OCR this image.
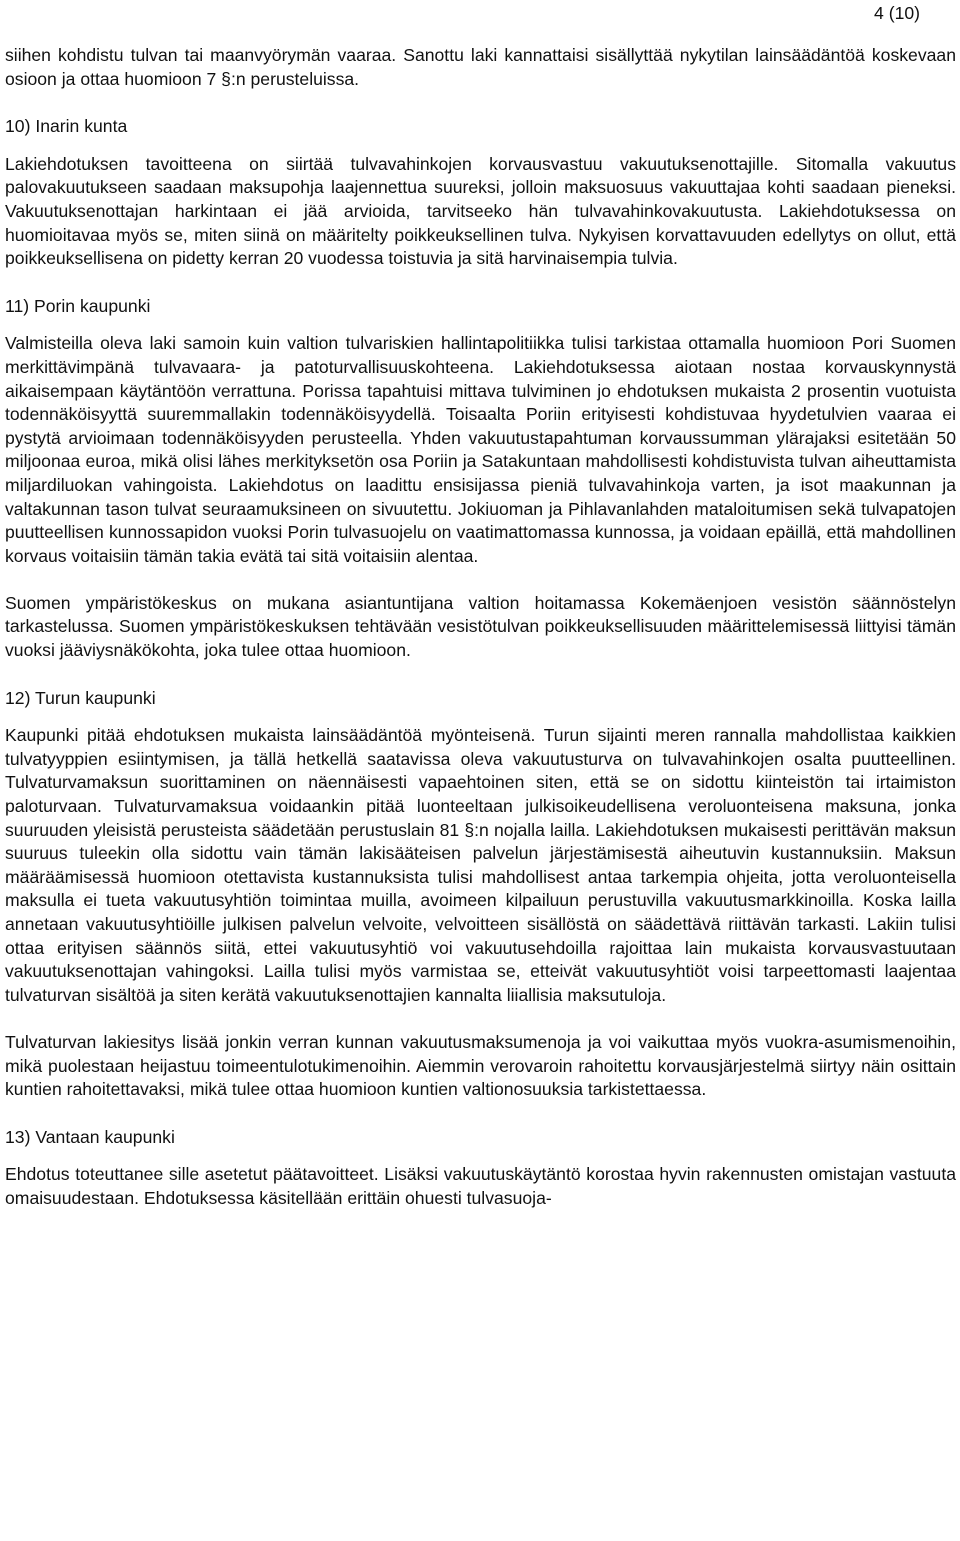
4 (10)

siihen kohdistu tulvan tai maanvyörymän vaaraa. Sanottu laki kannattaisi sisällyttää nykytilan lainsäädäntöä koskevaan osioon ja ottaa huomioon 7 §:n perusteluissa.

10) Inarin kunta

Lakiehdotuksen tavoitteena on siirtää tulvavahinkojen korvausvastuu vakuutuksenottajille. Sitomalla vakuutus palovakuutukseen saadaan maksupohja laajennettua suureksi, jolloin maksuosuus vakuuttajaa kohti saadaan pieneksi. Vakuutuksenottajan harkintaan ei jää arvioida, tarvitseeko hän tulvavahinkovakuutusta. Lakiehdotuksessa on huomioitavaa myös se, miten siinä on määritelty poikkeuksellinen tulva. Nykyisen korvattavuuden edellytys on ollut, että poikkeuksellisena on pidetty kerran 20 vuodessa toistuvia ja sitä harvinaisempia tulvia.

11) Porin kaupunki

Valmisteilla oleva laki samoin kuin valtion tulvariskien hallintapolitiikka tulisi tarkistaa ottamalla huomioon Pori Suomen merkittävimpänä tulvavaara- ja patoturvallisuuskohteena. Lakiehdotuksessa aiotaan nostaa korvauskynnystä aikaisempaan käytäntöön verrattuna. Porissa tapahtuisi mittava tulviminen jo ehdotuksen mukaista 2 prosentin vuotuista todennäköisyyttä suuremmallakin todennäköisyydellä. Toisaalta Poriin erityisesti kohdistuvaa hyydetulvien vaaraa ei pystytä arvioimaan todennäköisyyden perusteella. Yhden vakuutustapahtuman korvaussumman ylärajaksi esitetään 50 miljoonaa euroa, mikä olisi lähes merkityksetön osa Poriin ja Satakuntaan mahdollisesti kohdistuvista tulvan aiheuttamista miljardiluokan vahingoista. Lakiehdotus on laadittu ensisijassa pieniä tulvavahinkoja varten, ja isot maakunnan ja valtakunnan tason tulvat seuraamuksineen on sivuutettu. Jokiuoman ja Pihlavanlahden mataloitumisen sekä tulvapatojen puutteellisen kunnossapidon vuoksi Porin tulvasuojelu on vaatimattomassa kunnossa, ja voidaan epäillä, että mahdollinen korvaus voitaisiin tämän takia evätä tai sitä voitaisiin alentaa.

Suomen ympäristökeskus on mukana asiantuntijana valtion hoitamassa Kokemäenjoen vesistön säännöstelyn tarkastelussa. Suomen ympäristökeskuksen tehtävään vesistötulvan poikkeuksellisuuden määrittelemisessä liittyisi tämän vuoksi jääviysnäkökohta, joka tulee ottaa huomioon.

12) Turun kaupunki

Kaupunki pitää ehdotuksen mukaista lainsäädäntöä myönteisenä. Turun sijainti meren rannalla mahdollistaa kaikkien tulvatyyppien esiintymisen, ja tällä hetkellä saatavissa oleva vakuutusturva on tulvavahinkojen osalta puutteellinen. Tulvaturvamaksun suorittaminen on näennäisesti vapaehtoinen siten, että se on sidottu kiinteistön tai irtaimiston paloturvaan. Tulvaturvamaksua voidaankin pitää luonteeltaan julkisoikeudellisena veroluonteisena maksuna, jonka suuruuden yleisistä perusteista säädetään perustuslain 81 §:n nojalla lailla. Lakiehdotuksen mukaisesti perittävän maksun suuruus tuleekin olla sidottu vain tämän lakisääteisen palvelun järjestämisestä aiheutuvin kustannuksiin. Maksun määräämisessä huomioon otettavista kustannuksista tulisi mahdollisest antaa tarkempia ohjeita, jotta veroluonteisella maksulla ei tueta vakuutusyhtiön toimintaa muilla, avoimeen kilpailuun perustuvilla vakuutusmarkkinoilla. Koska lailla annetaan vakuutusyhtiöille julkisen palvelun velvoite, velvoitteen sisällöstä on säädettävä riittävän tarkasti. Lakiin tulisi ottaa erityisen säännös siitä, ettei vakuutusyhtiö voi vakuutusehdoilla rajoittaa lain mukaista korvausvastuutaan vakuutuksenottajan vahingoksi. Lailla tulisi myös varmistaa se, etteivät vakuutusyhtiöt voisi tarpeettomasti laajentaa tulvaturvan sisältöä ja siten kerätä vakuutuksenottajien kannalta liiallisia maksutuloja.

Tulvaturvan lakiesitys lisää jonkin verran kunnan vakuutusmaksumenoja ja voi vaikuttaa myös vuokra-asumismenoihin, mikä puolestaan heijastuu toimeentulotukimenoihin. Aiemmin verovaroin rahoitettu korvausjärjestelmä siirtyy näin osittain kuntien rahoitettavaksi, mikä tulee ottaa huomioon kuntien valtionosuuksia tarkistettaessa.

13) Vantaan kaupunki

Ehdotus toteuttanee sille asetetut päätavoitteet. Lisäksi vakuutuskäytäntö korostaa hyvin rakennusten omistajan vastuuta omaisuudestaan. Ehdotuksessa käsitellään erittäin ohuesti tulvasuoja-
